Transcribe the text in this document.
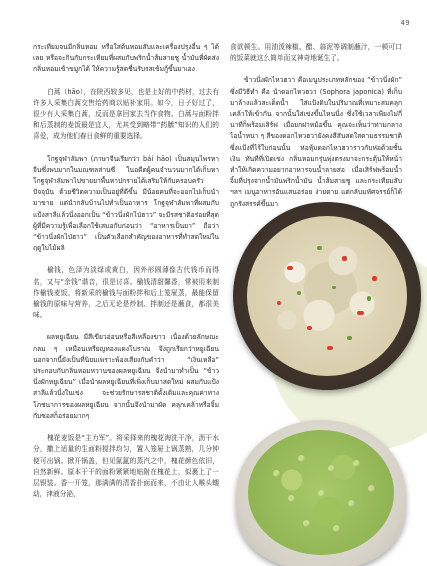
49

กระเทียมจนมีกลิ่นหอม หรือใส่ต้นหอมสับและเครื่องปรุงอื่น ๆ ได้เลย หรือจะกินกับกระเทียมที่ผสมกับพริกน้ำส้มสายชู น้ำมันที่ผัดส่งกลิ่นหอมเข้าขมูกได้ ให้ความรู้สดชื่นรับรสเข้มกู้ขึ้นมาเอง

白蒿（hāo），在陕西较多见，也是上好的中药材，过去有许多人采集白蒿交售给药商以贴补家用。如今，日子好过了，很少有人采集白蒿，反而是拿回家去当作食物。白蒿与面粉拌和后蒸制的麦饭最是宜人，尤其受到略带“药膳”知识的人们的喜爱，成为他们春日食鲜的重要选择。

โกฐจุฬาลัมพา (ภาษาจีนเรียกว่า bái hāo) เป็นสมุนไพรหาจีนซึ่งพบมากในมณฑลส่านซี ในอดีตผู้คนจำนวนมากได้เก็บหาโกฐจุฬาลัมพาไปขายยาพื้นหาปกรายได้เสริมให้กับครอบครัว ปัจจุบัน ด้วยชีวิตความเป็นอยู่ที่ดีขึ้น มีน้อยคนที่จะออกไปเก็บนำมาขาย แต่นำกลับบ้านไปทำเป็นอาหาร โกฐจุฬาลัมพาที่ผสมกับแป้งสาลีแล้วนึ่งออกเป็น “ข้าวนึ่งผักไป่ฮาว” จะมีรสชาติอร่อยที่สุด ผู้ที่มีความรู้เพื่อเลือกใช้เสมอกับก่อนว่า “อาหารเป็นยา” ถือว่า “ข้าวนึ่งผักไป่ฮาว” เป็นตัวเลือกสำคัญของอาหารที่ทำสดใหม่ในฤดูใบไม้ผลิ

榆钱，色泽为淡绿或黄白，因外形圆薄像古代钱币而得名，又与“余钱”谐音，很是讨喜。榆钱清甜馨香，常被用来制作榆钱麦饭。将新采的榆钱与面粉拌和后上笼屉蒸，最能保留榆钱的原味与营养，之后无论是炒制、拌制还是蘸食，都很美味。

ผลหยูเฉียน มีสีเขียวอ่อนหรือสีเหลืองขาว เนื่องด้วยลักษณะกลม ๆ เหมือนเหรียญทองแดงโบราณ จึงถูกเรียกว่าหยูเฉียน นอกจากนี้ยังเป็นที่นิยมเพราะพ้องเสียงกับคำว่า “เงินเหลือ” ประกอบกับกลิ่นหอมหวานของผลหยูเฉียน จึงนำมาทำเป็น “ข้าวนึ่งผักหยูเฉียน” เมื่อนำผลหยูเฉียนที่เพิ่งเก็บมาสดใหม่ ผสมกับแป้งสาลีแล้วนึ่งในเข่ง จะช่วยรักษารสชาติดั้งเดิมและคุณค่าทางโภชนาการของผลหยูเฉียน จากนั้นจึงนำมาผัด คลุกเคล้าหรือจิ้มกับซอสก็อร่อยมากๆ

槐花麦饭是“主力军”。将采择来的槐花淘洗干净，沥干水分，撒上适量的生面粉搅拌均匀，置入笼屉上锅蒸熟，几分钟便可出锅。掀开锅盖，但见氤氲的蒸汽之中，槐花颜色依旧，自然新鲜。原本干干的面粉紧紧地贴附在槐花上，似裹上了一层银装。香一开笼，那满满的清香扑面而来，不由让人喉头蠕动，津液分泌，

食欲顿生。用油泼辣椒、醋、蒜泥等调制蘸汁，一顿可口的饭菜就这么简单而又神奇地诞生了。

ข้าวนึ่งผักไหวฮวา คือเมนูประเภทหลักของ “ข้าวนึ่งผัก” ซึ่งมีวิธีทำ คือ นำดอกไหวฮวา (Sophora japonica) ที่เก็บมาล้างแล้วสะเด็ดน้ำ ใส่แป้งดิบในปริมาณที่เหมาะสมคลุกเคล้าให้เข้ากัน จากนั้นใส่เข่งขึ้นไหนนึ่ง ซึ่งใช้เวลาเพียงไม่กี่นาทีก็พร้อมเสิร์ฟ เมื่อยกฝาหม้อขึ้น คุณจะเห็นว่าท่ามกลางไอน้ำหนา ๆ สีของดอกไหวฮวายังคงสีสันสดใสตามธรรมชาติ ซึ่งแป้งที่ไร้ใบก่อนนั้น ห่อหุ้มดอกไหวฮวาราวกับห่อด้วยชั้นเงิน ทันทีที่เปิดเข่ง กลิ่นหอมกรุ่นพุ่งตรงมาจะกระตุ้นให้หน้าทำให้เกิดความอยากอาหารจนน้ำลายสอ เมื่อเสิร์ฟพร้อมน้ำจิ้มที่ปรุงจากน้ำมันพริกน้ำมัน น้ำส้มสายชู และกระเทียมสับ ฯลฯ เมนูอาหารอันแสนอร่อย ง่ายดาย แต่กลับมหัศจรรย์ก็ได้ถูกรังสรรค์ขึ้นมา
